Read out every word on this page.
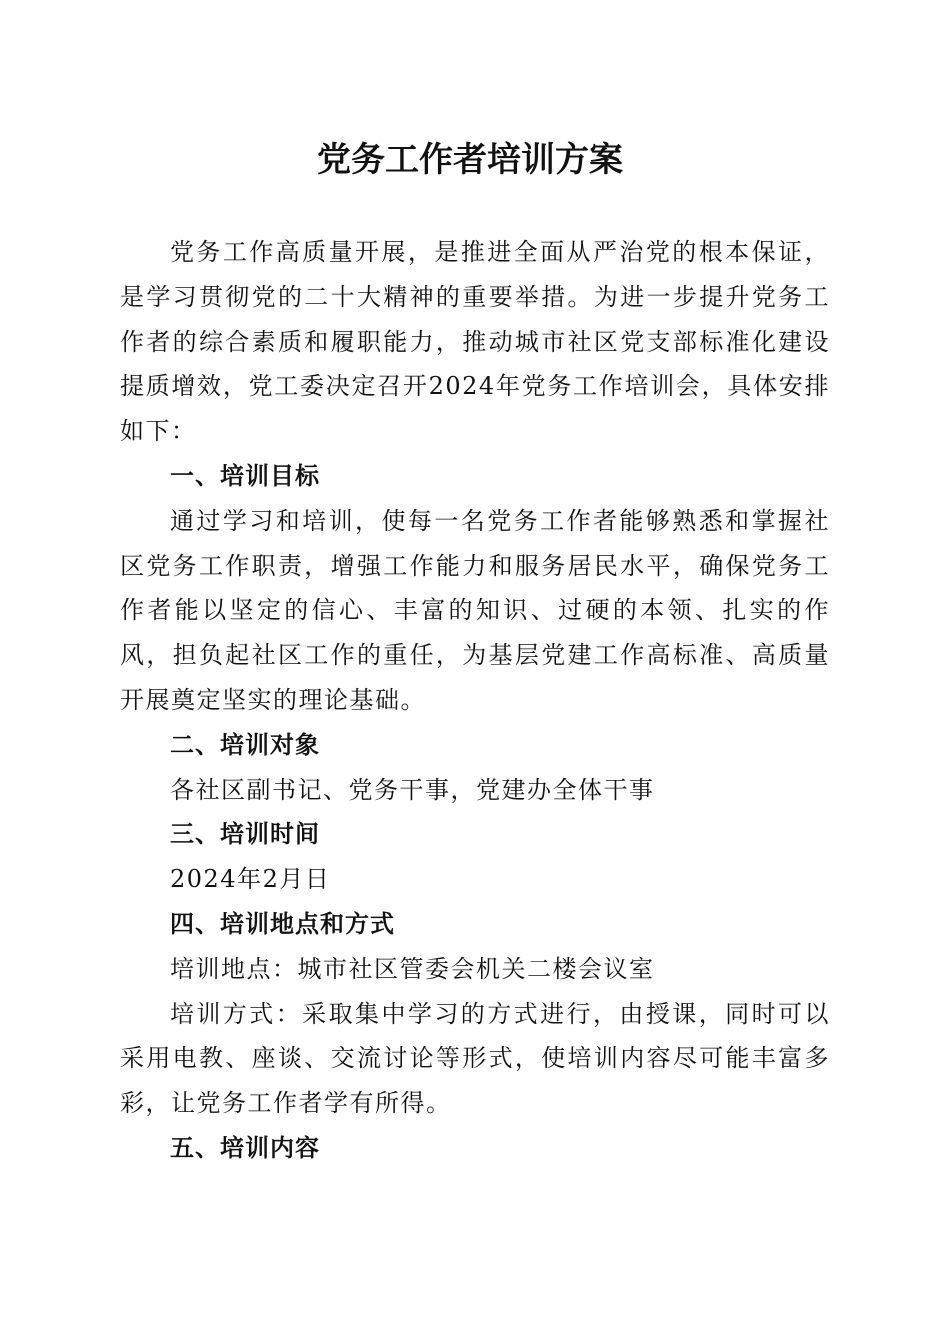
党务工作者培训方案

党务工作高质量开展，是推进全面从严治党的根本保证，是学习贯彻党的二十大精神的重要举措。为进一步提升党务工作者的综合素质和履职能力，推动城市社区党支部标准化建设提质增效，党工委决定召开2024年党务工作培训会，具体安排如下：

一、培训目标

通过学习和培训，使每一名党务工作者能够熟悉和掌握社区党务工作职责，增强工作能力和服务居民水平，确保党务工作者能以坚定的信心、丰富的知识、过硬的本领、扎实的作风，担负起社区工作的重任，为基层党建工作高标准、高质量开展奠定坚实的理论基础。

二、培训对象

各社区副书记、党务干事，党建办全体干事

三、培训时间

2024年2月日

四、培训地点和方式

培训地点：城市社区管委会机关二楼会议室

培训方式：采取集中学习的方式进行，由授课，同时可以采用电教、座谈、交流讨论等形式，使培训内容尽可能丰富多彩，让党务工作者学有所得。

五、培训内容
